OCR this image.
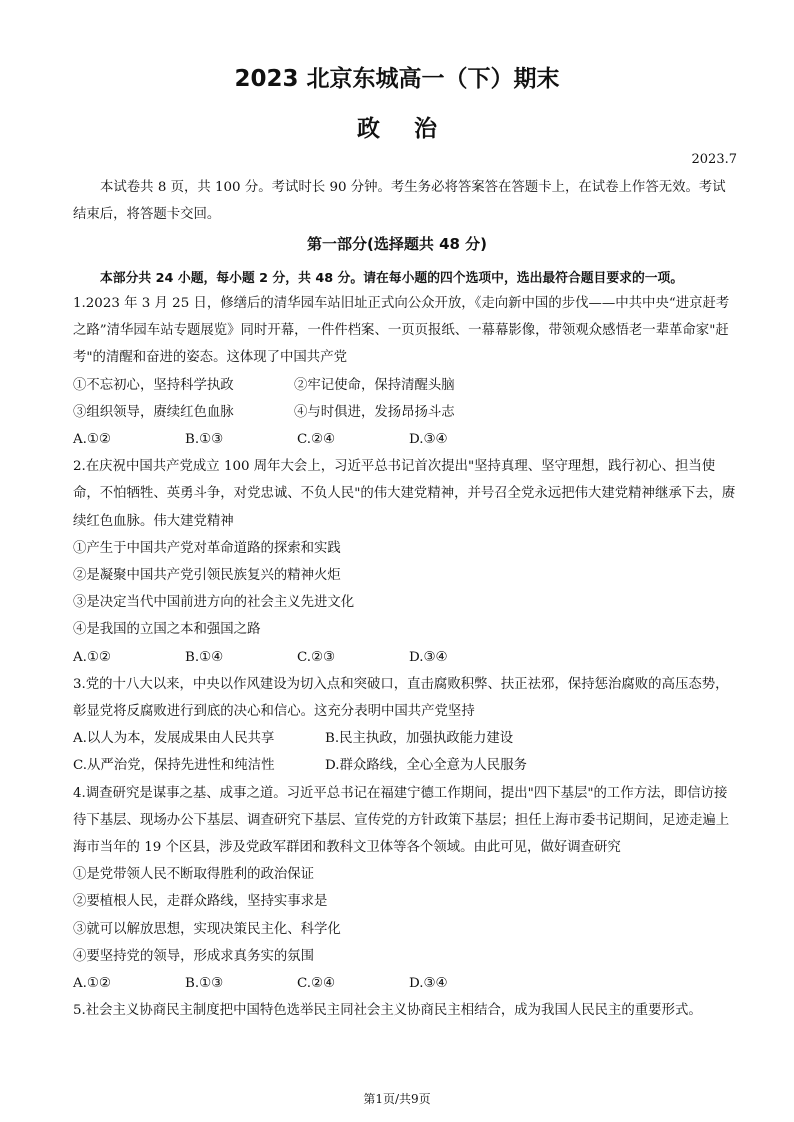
2023 北京东城高一（下）期末
政治
2023.7
本试卷共 8 页，共 100 分。考试时长 90 分钟。考生务必将答案答在答题卡上，在试卷上作答无效。考试结束后，将答题卡交回。
第一部分(选择题共 48 分)
本部分共 24 小题，每小题 2 分，共 48 分。请在每小题的四个选项中，选出最符合题目要求的一项。

1.2023 年 3 月 25 日，修缮后的清华园车站旧址正式向公众开放，《走向新中国的步伐——中共中央“进京赶考之路”清华园车站专题展览》同时开幕，一件件档案、一页页报纸、一幕幕影像，带领观众感悟老一辈革命家"赶考"的清醒和奋进的姿态。这体现了中国共产党

①不忘初心，坚持科学执政	②牢记使命，保持清醒头脑
③组织领导，赓续红色血脉	④与时俱进，发扬昂扬斗志
A.①②	B.①③	C.②④	D.③④

2.在庆祝中国共产党成立 100 周年大会上，习近平总书记首次提出"坚持真理、坚守理想，践行初心、担当使命，不怕牺牲、英勇斗争，对党忠诚、不负人民"的伟大建党精神，并号召全党永远把伟大建党精神继承下去，赓续红色血脉。伟大建党精神

①产生于中国共产党对革命道路的探索和实践

②是凝聚中国共产党引领民族复兴的精神火炬

③是决定当代中国前进方向的社会主义先进文化

④是我国的立国之本和强国之路

A.①②	B.①④	C.②③	D.③④

3.党的十八大以来，中央以作风建设为切入点和突破口，直击腐败积弊、扶正祛邪，保持惩治腐败的高压态势，彰显党将反腐败进行到底的决心和信心。这充分表明中国共产党坚持

A.以人为本，发展成果由人民共享	B.民主执政，加强执政能力建设
C.从严治党，保持先进性和纯洁性	D.群众路线，全心全意为人民服务

4.调查研究是谋事之基、成事之道。习近平总书记在福建宁德工作期间，提出"四下基层"的工作方法，即信访接待下基层、现场办公下基层、调查研究下基层、宣传党的方针政策下基层；担任上海市委书记期间，足迹走遍上海市当年的 19 个区县，涉及党政军群团和教科文卫体等各个领域。由此可见，做好调查研究

①是党带领人民不断取得胜利的政治保证

②要植根人民，走群众路线，坚持实事求是

③就可以解放思想，实现决策民主化、科学化

④要坚持党的领导，形成求真务实的氛围

A.①②	B.①③	C.②④	D.③④

5.社会主义协商民主制度把中国特色选举民主同社会主义协商民主相结合，成为我国人民民主的重要形式。

第1页/共9页
